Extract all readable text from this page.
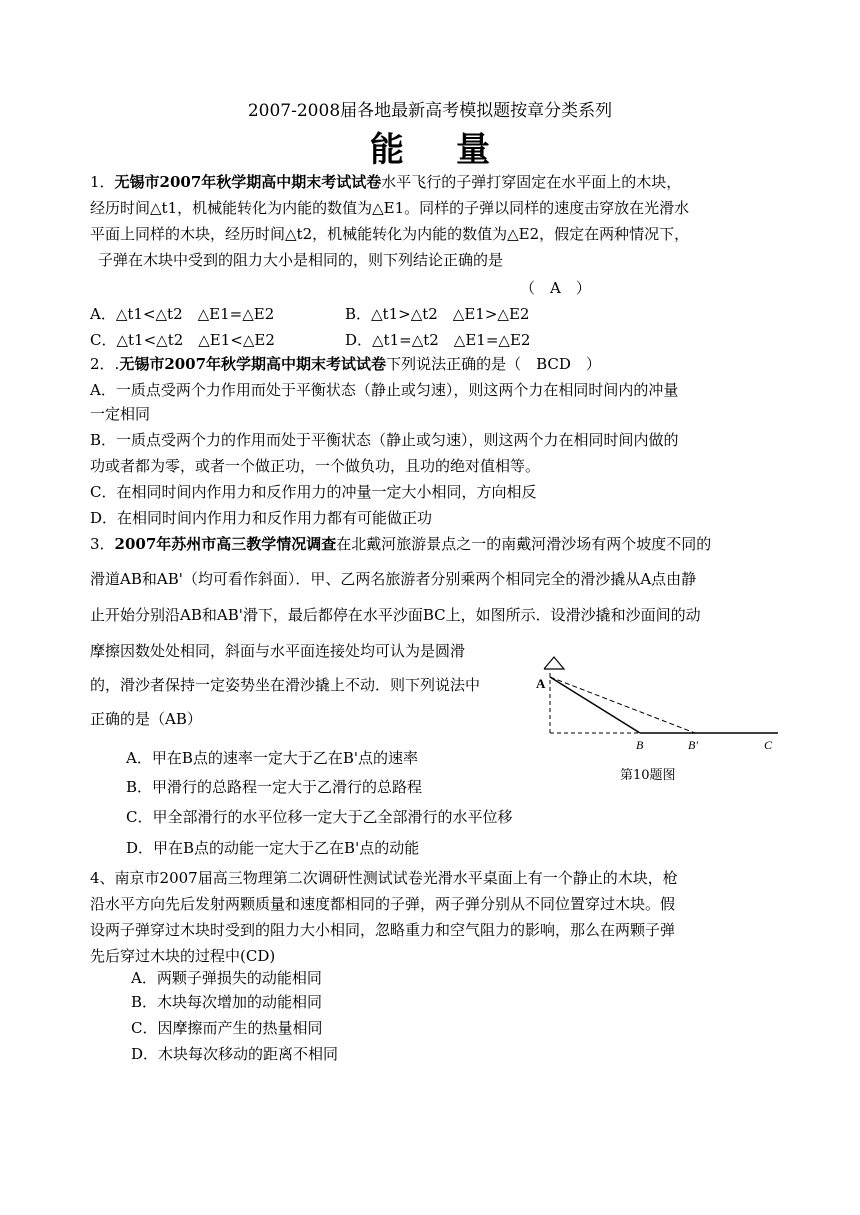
2007-2008届各地最新高考模拟题按章分类系列
能量
1．无锡市2007年秋学期高中期末考试试卷水平飞行的子弹打穿固定在水平面上的木块，
经历时间△t1，机械能转化为内能的数值为△E1。同样的子弹以同样的速度击穿放在光滑水
平面上同样的木块，经历时间△t2，机械能转化为内能的数值为△E2，假定在两种情况下，
子弹在木块中受到的阻力大小是相同的，则下列结论正确的是
（　A　）
A．△t1<△t2　△E1=△E2	B．△t1>△t2　△E1>△E2
C．△t1<△t2　△E1<△E2	D．△t1=△t2　△E1=△E2
2．.无锡市2007年秋学期高中期末考试试卷下列说法正确的是（　BCD　）
A．一质点受两个力作用而处于平衡状态（静止或匀速），则这两个力在相同时间内的冲量
一定相同
B．一质点受两个力的作用而处于平衡状态（静止或匀速），则这两个力在相同时间内做的
功或者都为零，或者一个做正功，一个做负功，且功的绝对值相等。
C．在相同时间内作用力和反作用力的冲量一定大小相同，方向相反
D．在相同时间内作用力和反作用力都有可能做正功
3．2007年苏州市高三教学情况调查在北戴河旅游景点之一的南戴河滑沙场有两个坡度不同的
滑道AB和AB'（均可看作斜面）．甲、乙两名旅游者分别乘两个相同完全的滑沙撬从A点由静
止开始分别沿AB和AB'滑下，最后都停在水平沙面BC上，如图所示．设滑沙撬和沙面间的动
摩擦因数处处相同，斜面与水平面连接处均可认为是圆滑
的，滑沙者保持一定姿势坐在滑沙撬上不动．则下列说法中
正确的是（AB）
A．甲在B点的速率一定大于乙在B'点的速率
B．甲滑行的总路程一定大于乙滑行的总路程
C．甲全部滑行的水平位移一定大于乙全部滑行的水平位移
D．甲在B点的动能一定大于乙在B'点的动能
A
B	B'	C
第10题图
4、南京市2007届高三物理第二次调研性测试试卷光滑水平桌面上有一个静止的木块，枪
沿水平方向先后发射两颗质量和速度都相同的子弹，两子弹分别从不同位置穿过木块。假
设两子弹穿过木块时受到的阻力大小相同，忽略重力和空气阻力的影响，那么在两颗子弹
先后穿过木块的过程中(CD)
A．两颗子弹损失的动能相同
B．木块每次增加的动能相同
C．因摩擦而产生的热量相同
D．木块每次移动的距离不相同
